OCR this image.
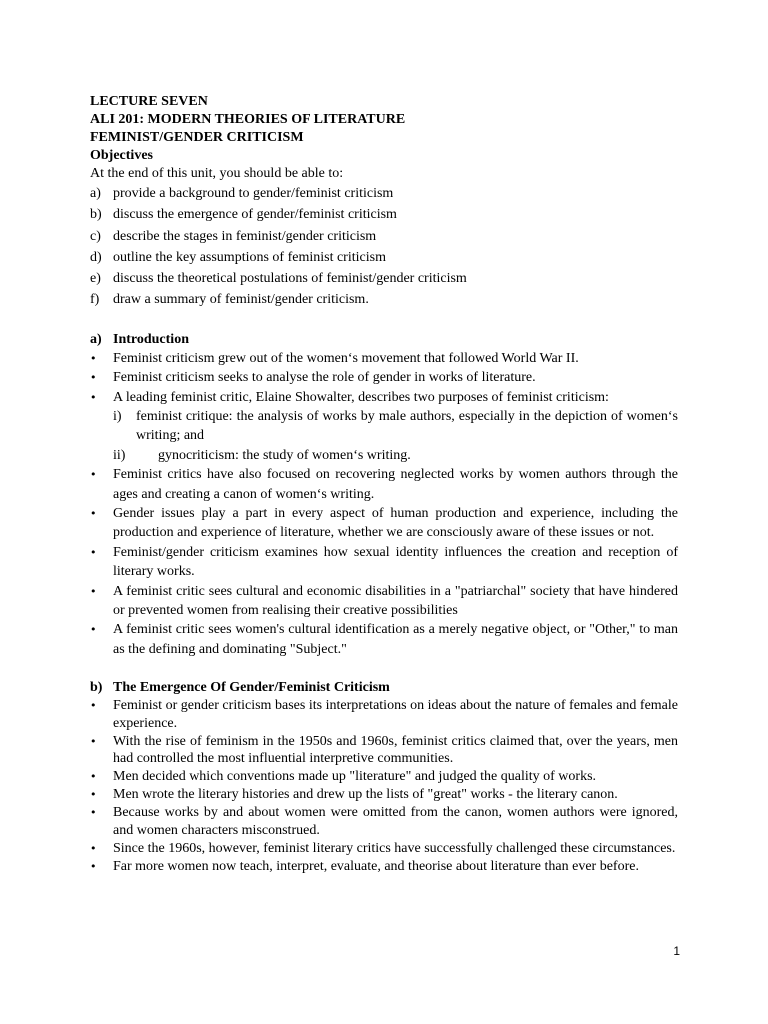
LECTURE SEVEN

ALI 201: MODERN THEORIES OF LITERATURE

FEMINIST/GENDER CRITICISM

Objectives

At the end of this unit, you should be able to:

a) provide a background to gender/feminist criticism
b) discuss the emergence of gender/feminist criticism
c) describe the stages in feminist/gender criticism
d) outline the key assumptions of feminist criticism
e) discuss the theoretical postulations of feminist/gender criticism
f) draw a summary of feminist/gender criticism.

a) Introduction

• Feminist criticism grew out of the women‘s movement that followed World War II.
• Feminist criticism seeks to analyse the role of gender in works of literature.
• A leading feminist critic, Elaine Showalter, describes two purposes of feminist criticism:
i) feminist critique: the analysis of works by male authors, especially in the depiction of women‘s writing; and
ii) gynocriticism: the study of women‘s writing.
• Feminist critics have also focused on recovering neglected works by women authors through the ages and creating a canon of women‘s writing.
• Gender issues play a part in every aspect of human production and experience, including the production and experience of literature, whether we are consciously aware of these issues or not.
• Feminist/gender criticism examines how sexual identity influences the creation and reception of literary works.
• A feminist critic sees cultural and economic disabilities in a "patriarchal" society that have hindered or prevented women from realising their creative possibilities
• A feminist critic sees women's cultural identification as a merely negative object, or "Other," to man as the defining and dominating "Subject."

b) The Emergence Of Gender/Feminist Criticism

• Feminist or gender criticism bases its interpretations on ideas about the nature of females and female experience.
• With the rise of feminism in the 1950s and 1960s, feminist critics claimed that, over the years, men had controlled the most influential interpretive communities.
• Men decided which conventions made up "literature" and judged the quality of works.
• Men wrote the literary histories and drew up the lists of "great" works - the literary canon.
• Because works by and about women were omitted from the canon, women authors were ignored, and women characters misconstrued.
• Since the 1960s, however, feminist literary critics have successfully challenged these circumstances.
• Far more women now teach, interpret, evaluate, and theorise about literature than ever before.
1
